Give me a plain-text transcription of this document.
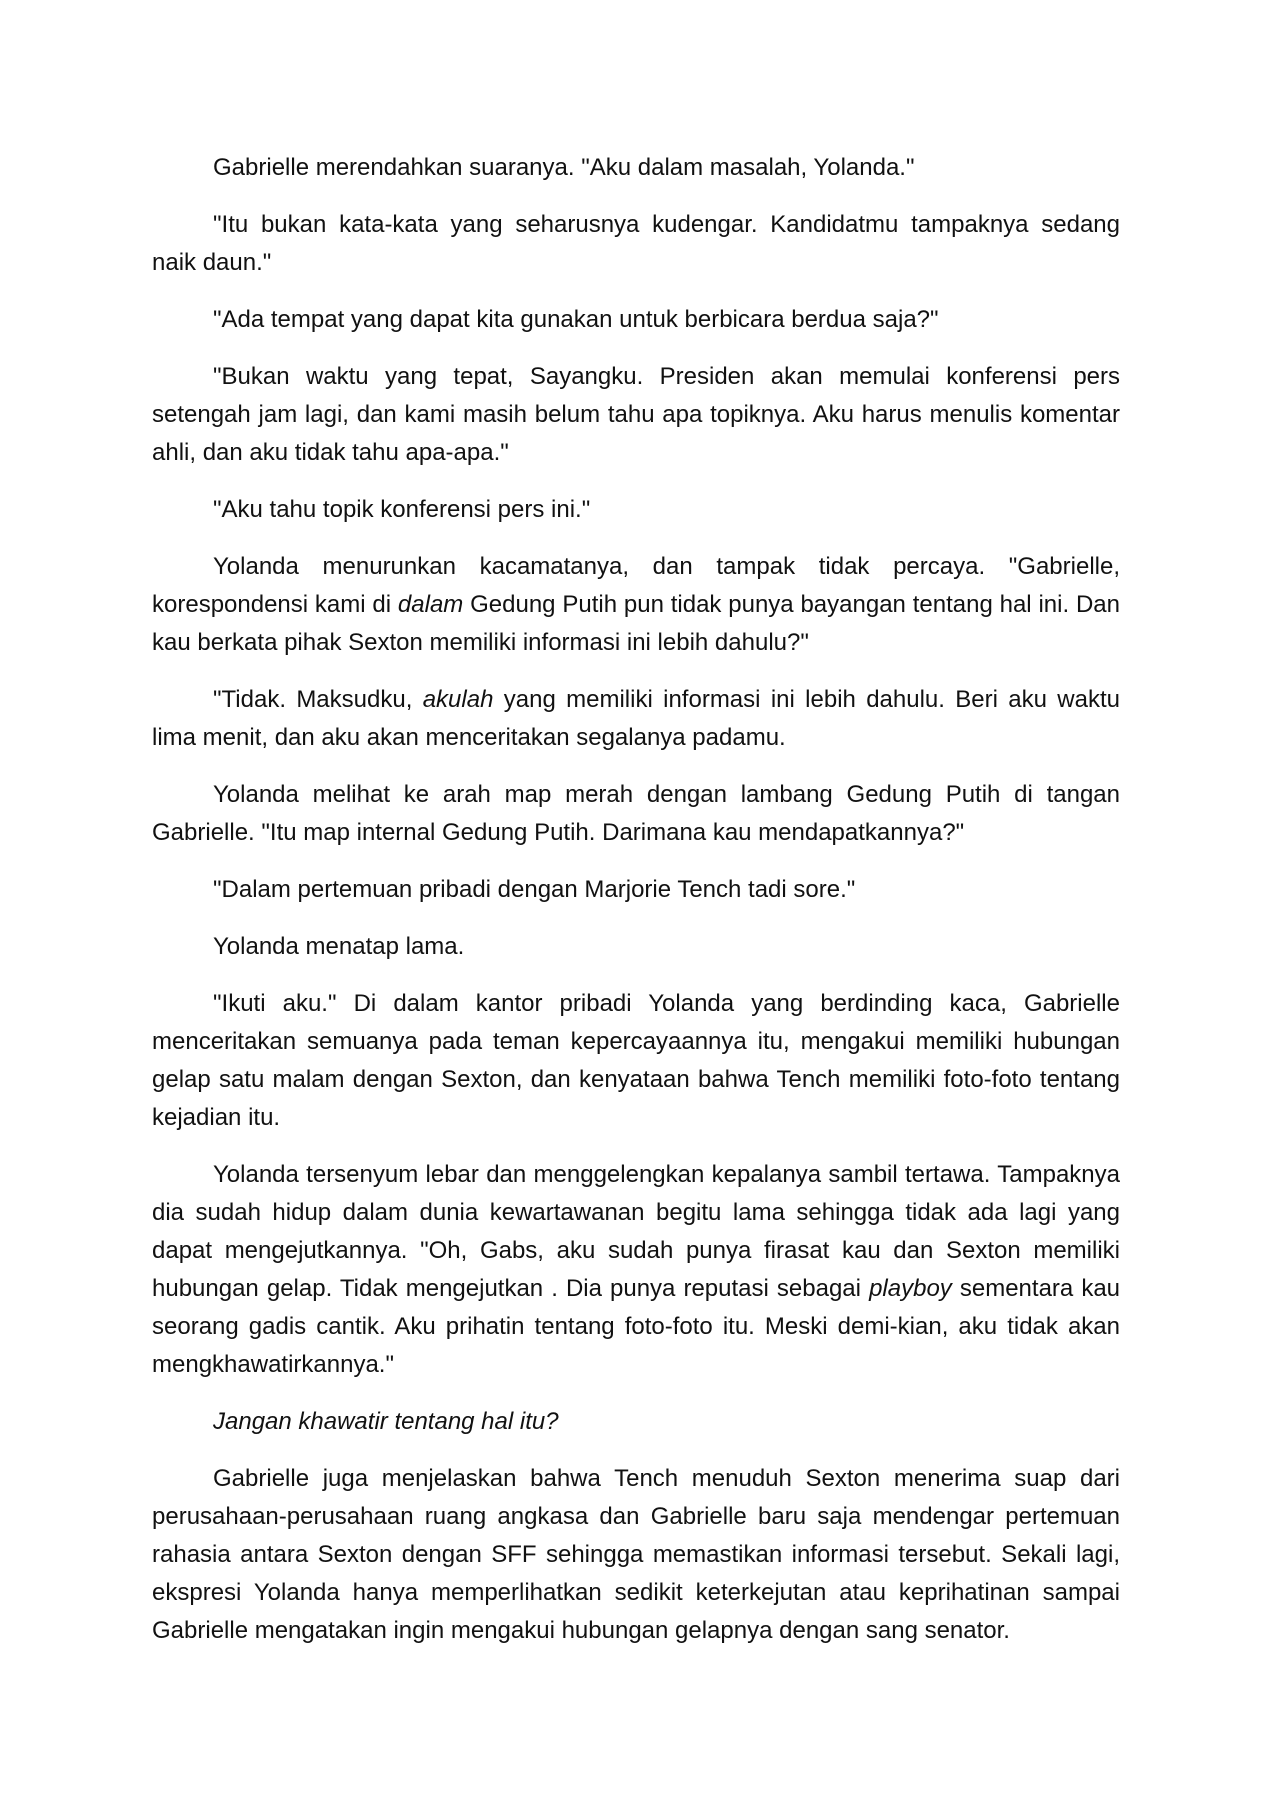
Gabrielle merendahkan suaranya. "Aku dalam masalah, Yolanda."

"Itu bukan kata-kata yang seharusnya kudengar. Kandidatmu tampaknya sedang naik daun."

"Ada tempat yang dapat kita gunakan untuk berbicara berdua saja?"

"Bukan waktu yang tepat, Sayangku. Presiden akan memulai konferensi pers setengah jam lagi, dan kami masih belum tahu apa topiknya. Aku harus menulis komentar ahli, dan aku tidak tahu apa-apa."

"Aku tahu topik konferensi pers ini."

Yolanda menurunkan kacamatanya, dan tampak tidak percaya. "Gabrielle, korespondensi kami di dalam Gedung Putih pun tidak punya bayangan tentang hal ini. Dan kau berkata pihak Sexton memiliki informasi ini lebih dahulu?"

"Tidak. Maksudku, akulah yang memiliki informasi ini lebih dahulu. Beri aku waktu lima menit, dan aku akan menceritakan segalanya padamu.

Yolanda melihat ke arah map merah dengan lambang Gedung Putih di tangan Gabrielle. "Itu map internal Gedung Putih. Darimana kau mendapatkannya?"

"Dalam pertemuan pribadi dengan Marjorie Tench tadi sore."

Yolanda menatap lama.

"Ikuti aku." Di dalam kantor pribadi Yolanda yang berdinding kaca, Gabrielle menceritakan semuanya pada teman kepercayaannya itu, mengakui memiliki hubungan gelap satu malam dengan Sexton, dan kenyataan bahwa Tench memiliki foto-foto tentang kejadian itu.

Yolanda tersenyum lebar dan menggelengkan kepalanya sambil tertawa. Tampaknya dia sudah hidup dalam dunia kewartawanan begitu lama sehingga tidak ada lagi yang dapat mengejutkannya. "Oh, Gabs, aku sudah punya firasat kau dan Sexton memiliki hubungan gelap. Tidak mengejutkan . Dia punya reputasi sebagai playboy sementara kau seorang gadis cantik. Aku prihatin tentang foto-foto itu. Meski demi-kian, aku tidak akan mengkhawatirkannya."

Jangan khawatir tentang hal itu?

Gabrielle juga menjelaskan bahwa Tench menuduh Sexton menerima suap dari perusahaan-perusahaan ruang angkasa dan Gabrielle baru saja mendengar pertemuan rahasia antara Sexton dengan SFF sehingga memastikan informasi tersebut. Sekali lagi, ekspresi Yolanda hanya memperlihatkan sedikit keterkejutan atau keprihatinan sampai Gabrielle mengatakan ingin mengakui hubungan gelapnya dengan sang senator.
